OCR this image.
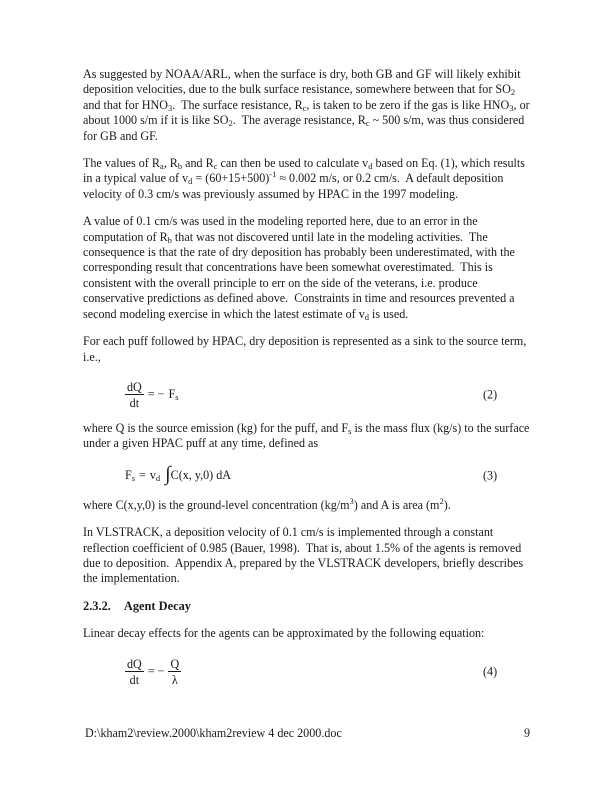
As suggested by NOAA/ARL, when the surface is dry, both GB and GF will likely exhibit deposition velocities, due to the bulk surface resistance, somewhere between that for $SO_2$ and that for $HNO_3$.  The surface resistance, $R_c$, is taken to be zero if the gas is like $HNO_3$, or about 1000 s/m if it is like $SO_2$.  The average resistance, $R_c$ ~ 500 s/m, was thus considered for GB and GF.

The values of $R_a$, $R_b$ and $R_c$ can then be used to calculate $v_d$ based on Eq. (1), which results in a typical value of $v_d = (60+15+500)^{-1} \approx 0.002$ m/s, or 0.2 cm/s.  A default deposition velocity of 0.3 cm/s was previously assumed by HPAC in the 1997 modeling.

A value of 0.1 cm/s was used in the modeling reported here, due to an error in the computation of $R_b$ that was not discovered until late in the modeling activities.  The consequence is that the rate of dry deposition has probably been underestimated, with the corresponding result that concentrations have been somewhat overestimated.  This is consistent with the overall principle to err on the side of the veterans, i.e. produce conservative predictions as defined above.  Constraints in time and resources prevented a second modeling exercise in which the latest estimate of $v_d$ is used.

For each puff followed by HPAC, dry deposition is represented as a sink to the source term, i.e.,

$\frac{dQ}{dt}$ = − $F_s$	(2)

where Q is the source emission (kg) for the puff, and $F_s$ is the mass flux (kg/s) to the surface under a given HPAC puff at any time, defined as

$F_s = v_d$ ∫C(x, y,0) dA	(3)

where C(x,y,0) is the ground-level concentration $(kg/m^3)$ and A is area $(m^2)$.

In VLSTRACK, a deposition velocity of 0.1 cm/s is implemented through a constant reflection coefficient of 0.985 (Bauer, 1998).  That is, about 1.5% of the agents is removed due to deposition.  Appendix A, prepared by the VLSTRACK developers, briefly describes the implementation.

2.3.2. Agent Decay

Linear decay effects for the agents can be approximated by the following equation:

$\frac{dQ}{dt}$ = − $\frac{Q}{\lambda}$	(4)
D:\kham2\review.2000\kham2review 4 dec 2000.doc	9
